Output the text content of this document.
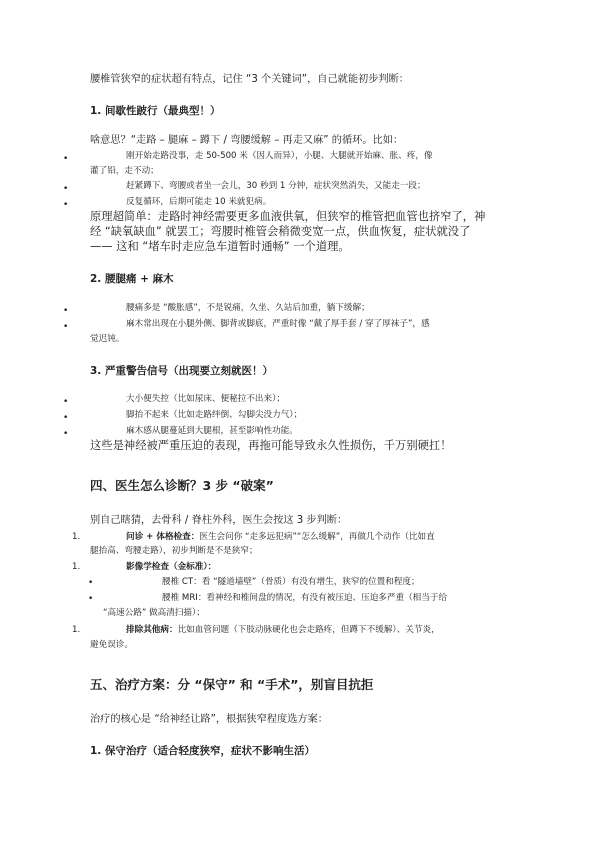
腰椎管狭窄的症状超有特点，记住 “3 个关键词”，自己就能初步判断：
1. 间歇性跛行（最典型！）
啥意思？“走路 – 腿麻 – 蹲下 / 弯腰缓解 – 再走又麻” 的循环。比如：
•	刚开始走路没事，走 50-500 米（因人而异），小腿、大腿就开始麻、胀、疼，像
灌了铅，走不动；
•	赶紧蹲下、弯腰或者坐一会儿，30 秒到 1 分钟，症状突然消失，又能走一段；
•	反复循环，后期可能走 10 米就犯病。
原理超简单：走路时神经需要更多血液供氧，但狭窄的椎管把血管也挤窄了，神
经 “缺氧缺血” 就罢工；弯腰时椎管会稍微变宽一点，供血恢复，症状就没了
—— 这和 “堵车时走应急车道暂时通畅” 一个道理。
2. 腰腿痛 + 麻木
•	腰痛多是 “酸胀感”，不是锐痛，久坐、久站后加重，躺下缓解；
•	麻木常出现在小腿外侧、脚背或脚底，严重时像 “戴了厚手套 / 穿了厚袜子”，感
觉迟钝。
3. 严重警告信号（出现要立刻就医！）
•	大小便失控（比如尿床、便秘拉不出来）；
•	脚抬不起来（比如走路绊倒、勾脚尖没力气）；
•	麻木感从腿蔓延到大腿根，甚至影响性功能。
这些是神经被严重压迫的表现，再拖可能导致永久性损伤，千万别硬扛！
四、医生怎么诊断？3 步 “破案”
别自己瞎猜，去骨科 / 脊柱外科，医生会按这 3 步判断：
1.	问诊 + 体格检查：医生会问你 “走多远犯病”“怎么缓解”，再做几个动作（比如直
腿抬高、弯腰走路），初步判断是不是狭窄；
1.	影像学检查（金标准）：
•	腰椎 CT：看 “隧道墙壁”（骨质）有没有增生，狭窄的位置和程度；
•	腰椎 MRI：看神经和椎间盘的情况，有没有被压迫、压迫多严重（相当于给
“高速公路” 做高清扫描）；
1.	排除其他病：比如血管问题（下肢动脉硬化也会走路疼，但蹲下不缓解）、关节炎，
避免误诊。
五、治疗方案：分 “保守” 和 “手术”，别盲目抗拒
治疗的核心是 “给神经让路”，根据狭窄程度选方案：
1. 保守治疗（适合轻度狭窄，症状不影响生活）
